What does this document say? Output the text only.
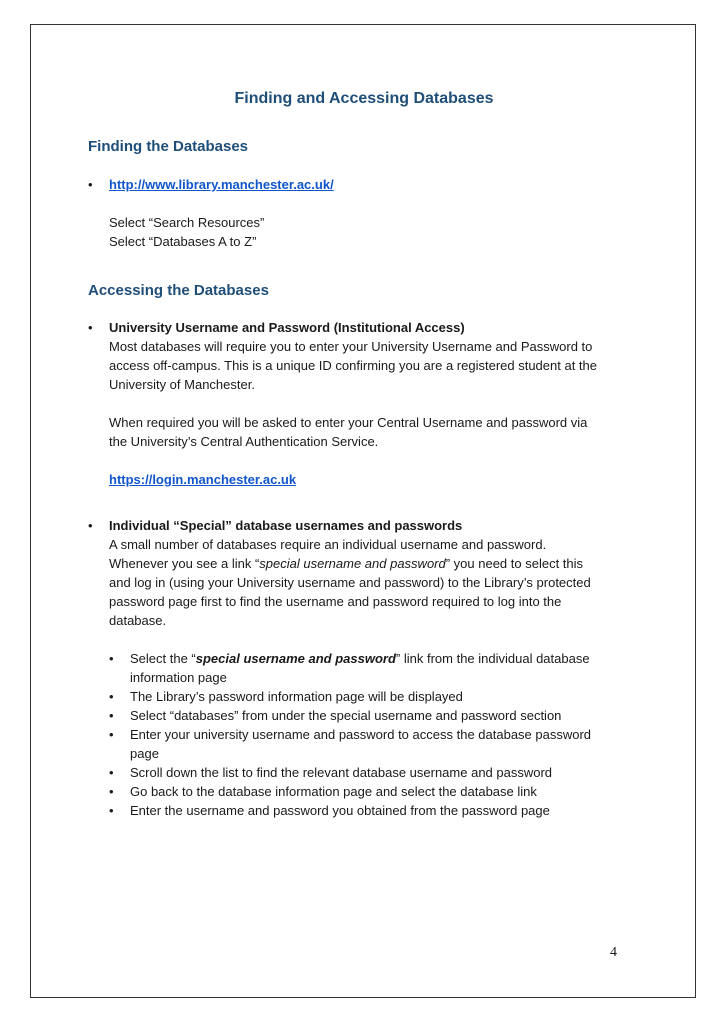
Finding and Accessing Databases
Finding the Databases
•	http://www.library.manchester.ac.uk/
Select “Search Resources”
Select “Databases A to Z”
Accessing the Databases
•	University Username and Password (Institutional Access)
Most databases will require you to enter your University Username and Password to
access off-campus. This is a unique ID confirming you are a registered student at the
University of Manchester.
When required you will be asked to enter your Central Username and password via
the University’s Central Authentication Service.
https://login.manchester.ac.uk
•	Individual “Special” database usernames and passwords
A small number of databases require an individual username and password.
Whenever you see a link “special username and password” you need to select this
and log in (using your University username and password) to the Library’s protected
password page first to find the username and password required to log into the
database.
• Select the “special username and password” link from the individual database
information page
• The Library’s password information page will be displayed
• Select “databases” from under the special username and password section
• Enter your university username and password to access the database password
page
• Scroll down the list to find the relevant database username and password
• Go back to the database information page and select the database link
• Enter the username and password you obtained from the password page
4
